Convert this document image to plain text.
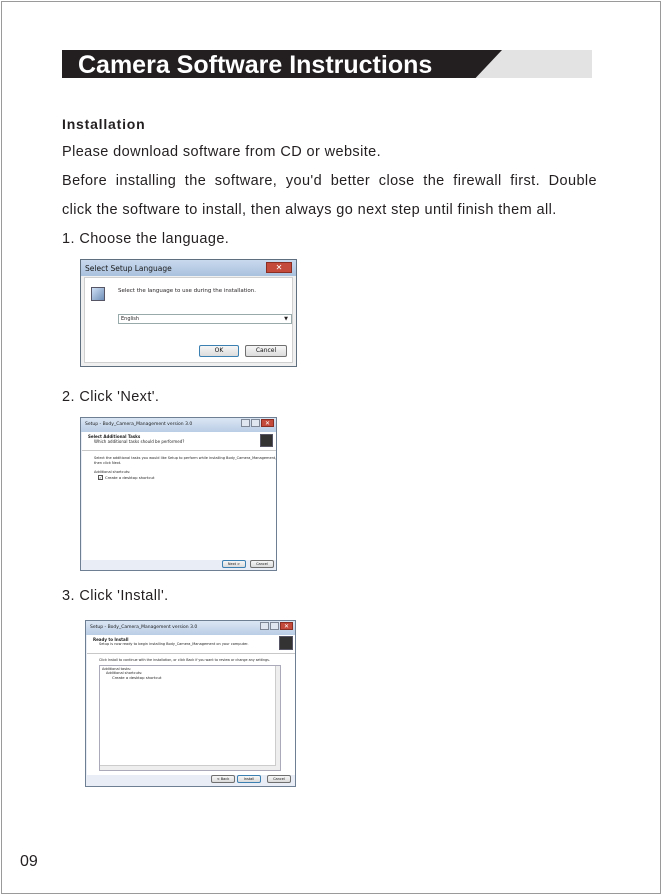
Camera Software Instructions
Installation
Please download software from CD or website.
Before installing the software, you'd better close the firewall first. Double
click the software to install, then always go next step until finish them all.
1. Choose the language.
Select Setup Language	✕
Select the language to use during the installation.
English	▼
OK	Cancel
2. Click 'Next'.
Setup - Body_Camera_Management version 3.0	✕
Select Additional Tasks
Which additional tasks should be performed?
Select the additional tasks you would like Setup to perform while installing Body_Camera_Management,
then click Next.
Additional shortcuts:
✓ Create a desktop shortcut
Next >	Cancel
3. Click 'Install'.
Setup - Body_Camera_Management version 3.0	✕
Ready to Install
Setup is now ready to begin installing Body_Camera_Management on your computer.
Click Install to continue with the installation, or click Back if you want to review or change any settings.
Additional tasks:
Additional shortcuts:
Create a desktop shortcut
< Back	Install	Cancel
09
